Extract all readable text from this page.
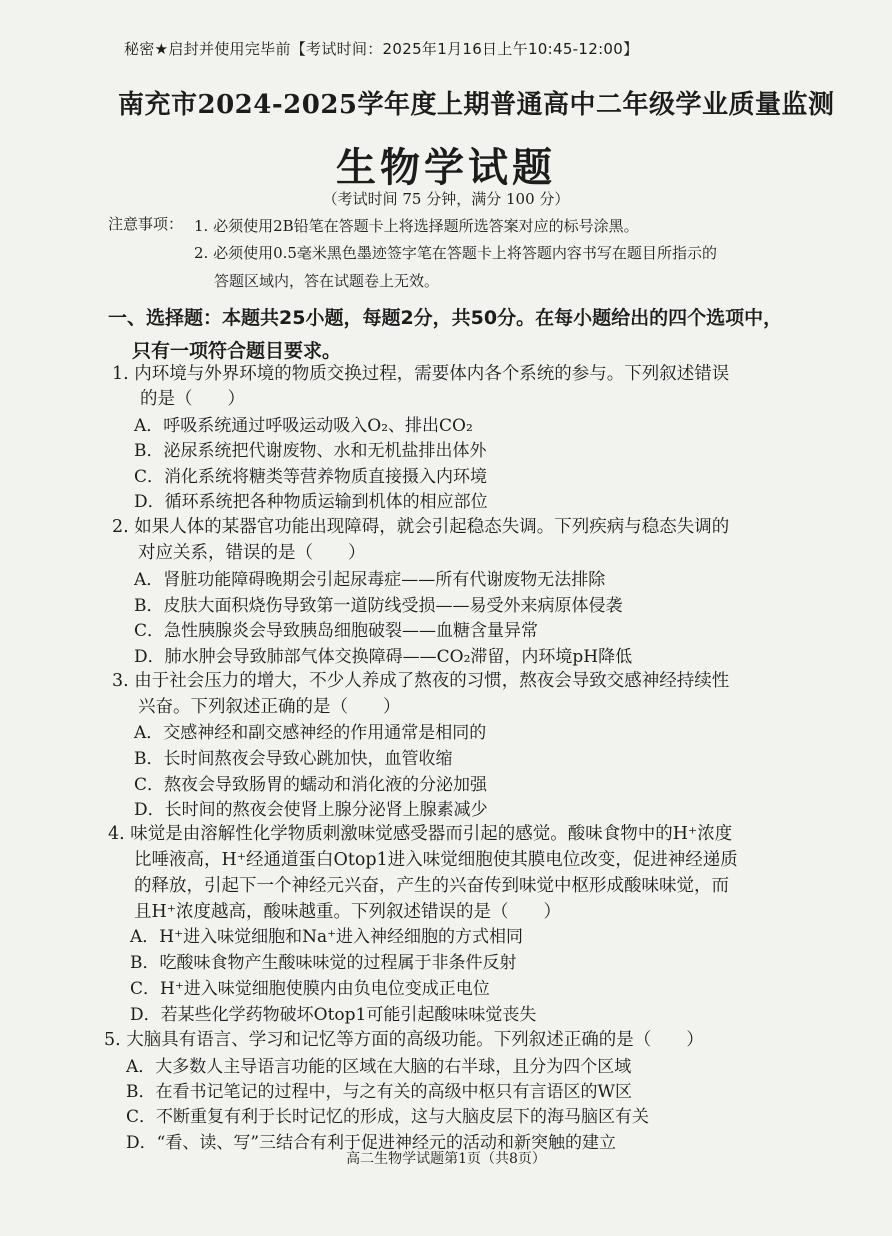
秘密★启封并使用完毕前【考试时间：2025年1月16日上午10:45-12:00】
南充市2024-2025学年度上期普通高中二年级学业质量监测
生物学试题
（考试时间 75 分钟，满分 100 分）
注意事项： 1. 必须使用2B铅笔在答题卡上将选择题所选答案对应的标号涂黑。
2. 必须使用0.5毫米黑色墨迹签字笔在答题卡上将答题内容书写在题目所指示的
答题区域内，答在试题卷上无效。
一、选择题：本题共25小题，每题2分，共50分。在每小题给出的四个选项中，
只有一项符合题目要求。
1. 内环境与外界环境的物质交换过程，需要体内各个系统的参与。下列叙述错误
的是（　　）
A．呼吸系统通过呼吸运动吸入O₂、排出CO₂
B．泌尿系统把代谢废物、水和无机盐排出体外
C．消化系统将糖类等营养物质直接摄入内环境
D．循环系统把各种物质运输到机体的相应部位
2. 如果人体的某器官功能出现障碍，就会引起稳态失调。下列疾病与稳态失调的
对应关系，错误的是（　　）
A．肾脏功能障碍晚期会引起尿毒症——所有代谢废物无法排除
B．皮肤大面积烧伤导致第一道防线受损——易受外来病原体侵袭
C．急性胰腺炎会导致胰岛细胞破裂——血糖含量异常
D．肺水肿会导致肺部气体交换障碍——CO₂滞留，内环境pH降低
3. 由于社会压力的增大，不少人养成了熬夜的习惯，熬夜会导致交感神经持续性
兴奋。下列叙述正确的是（　　）
A．交感神经和副交感神经的作用通常是相同的
B．长时间熬夜会导致心跳加快，血管收缩
C．熬夜会导致肠胃的蠕动和消化液的分泌加强
D．长时间的熬夜会使肾上腺分泌肾上腺素减少
4. 味觉是由溶解性化学物质刺激味觉感受器而引起的感觉。酸味食物中的H⁺浓度
比唾液高，H⁺经通道蛋白Otop1进入味觉细胞使其膜电位改变，促进神经递质
的释放，引起下一个神经元兴奋，产生的兴奋传到味觉中枢形成酸味味觉，而
且H⁺浓度越高，酸味越重。下列叙述错误的是（　　）
A．H⁺进入味觉细胞和Na⁺进入神经细胞的方式相同
B．吃酸味食物产生酸味味觉的过程属于非条件反射
C．H⁺进入味觉细胞使膜内由负电位变成正电位
D．若某些化学药物破坏Otop1可能引起酸味味觉丧失
5. 大脑具有语言、学习和记忆等方面的高级功能。下列叙述正确的是（　　）
A．大多数人主导语言功能的区域在大脑的右半球，且分为四个区域
B．在看书记笔记的过程中，与之有关的高级中枢只有言语区的W区
C．不断重复有利于长时记忆的形成，这与大脑皮层下的海马脑区有关
D．“看、读、写”三结合有利于促进神经元的活动和新突触的建立
高二生物学试题第1页（共8页）
